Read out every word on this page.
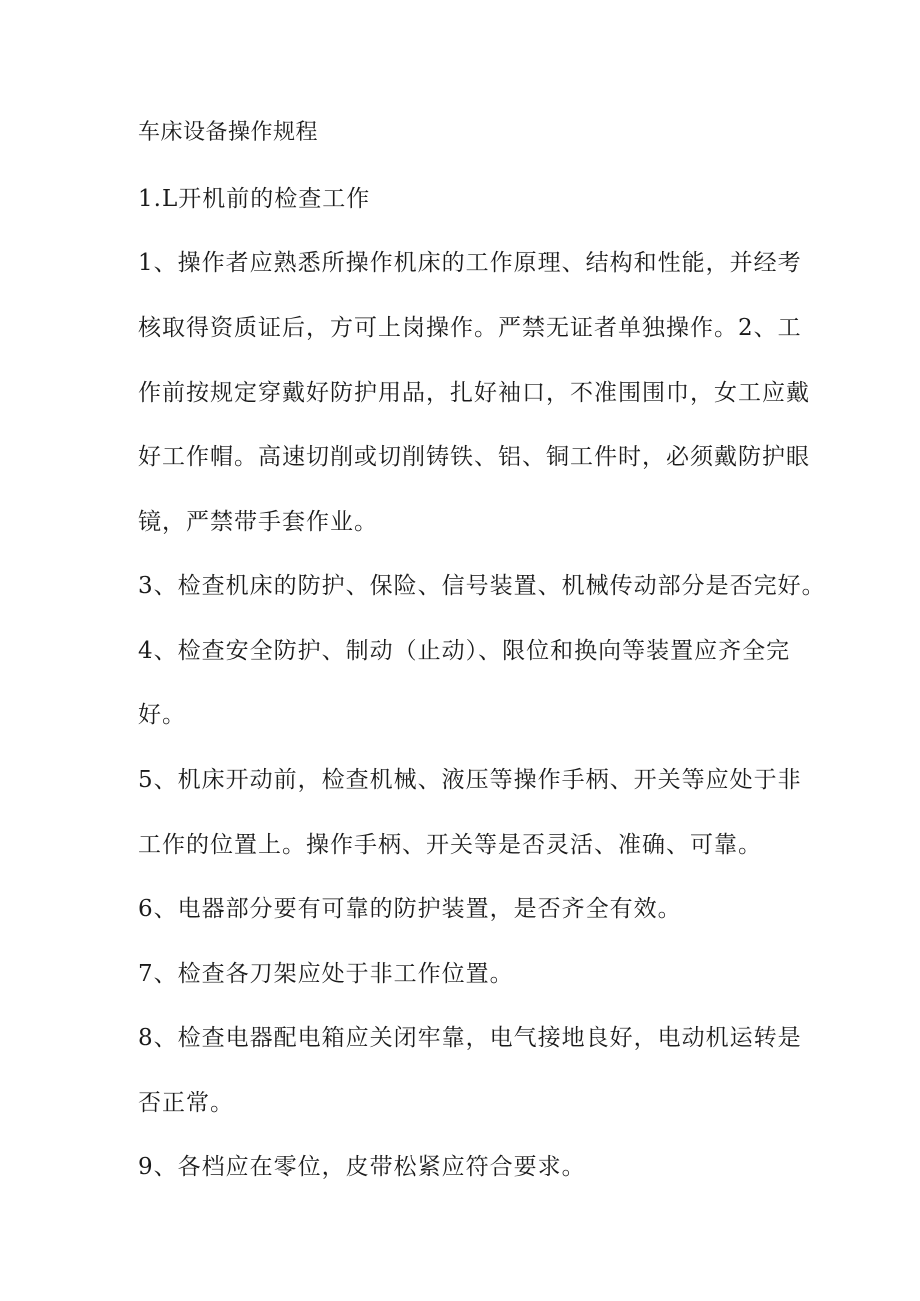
车床设备操作规程
1.L开机前的检查工作
1、操作者应熟悉所操作机床的工作原理、结构和性能，并经考
核取得资质证后，方可上岗操作。严禁无证者单独操作。2、工
作前按规定穿戴好防护用品，扎好袖口，不准围围巾，女工应戴
好工作帽。高速切削或切削铸铁、铝、铜工件时，必须戴防护眼
镜，严禁带手套作业。
3、检查机床的防护、保险、信号装置、机械传动部分是否完好。
4、检查安全防护、制动（止动）、限位和换向等装置应齐全完
好。
5、机床开动前，检查机械、液压等操作手柄、开关等应处于非
工作的位置上。操作手柄、开关等是否灵活、准确、可靠。
6、电器部分要有可靠的防护装置，是否齐全有效。
7、检查各刀架应处于非工作位置。
8、检查电器配电箱应关闭牢靠，电气接地良好，电动机运转是
否正常。
9、各档应在零位，皮带松紧应符合要求。
